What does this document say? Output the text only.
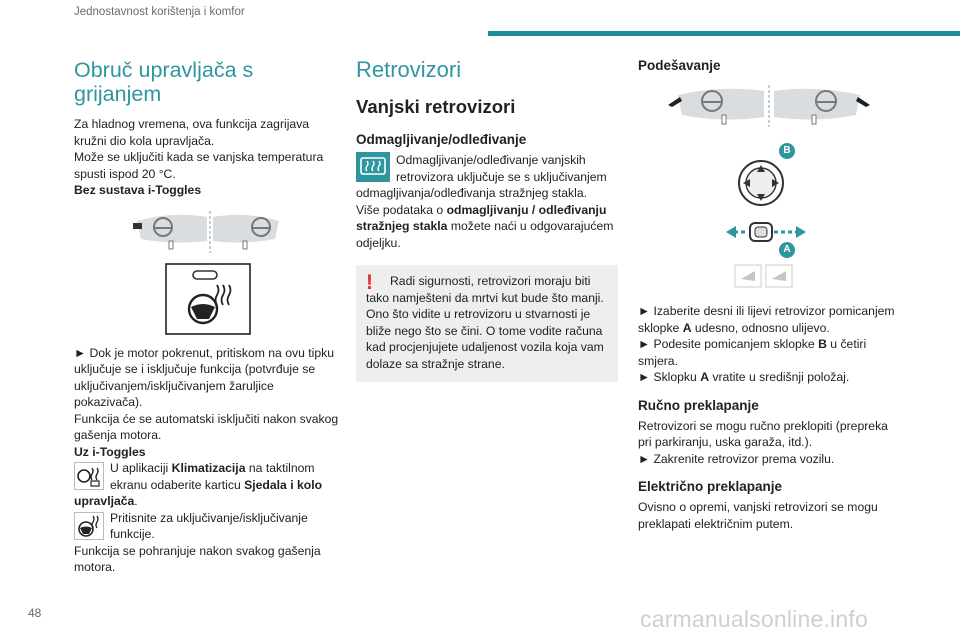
Jednostavnost korištenja i komfor
Obruč upravljača s grijanjem

Za hladnog vremena, ova funkcija zagrijava kružni dio kola upravljača.

Može se uključiti kada se vanjska temperatura spusti ispod 20 °C.

Bez sustava i-Toggles

► Dok je motor pokrenut, pritiskom na ovu tipku uključuje se i isključuje funkcija (potvrđuje se uključivanjem/isključivanjem žaruljice pokazivača).

Funkcija će se automatski isključiti nakon svakog gašenja motora.

Uz i-Toggles

U aplikaciji Klimatizacija na taktilnom ekranu odaberite karticu Sjedala i kolo upravljača.

Pritisnite za uključivanje/isključivanje funkcije.

Funkcija se pohranjuje nakon svakog gašenja motora.

Retrovizori
Vanjski retrovizori
Odmagljivanje/odleđivanje

Odmagljivanje/odleđivanje vanjskih retrovizora uključuje se s uključivanjem odmagljivanja/odleđivanja stražnjeg stakla.

Više podataka o odmagljivanju / odleđivanju stražnjeg stakla možete naći u odgovarajućem odjeljku.

!	Radi sigurnosti, retrovizori moraju biti tako namješteni da mrtvi kut bude što manji.

Ono što vidite u retrovizoru u stvarnosti je bliže nego što se čini. O tome vodite računa kad procjenjujete udaljenost vozila koja vam dolaze sa stražnje strane.

Podešavanje
B
A

► Izaberite desni ili lijevi retrovizor pomicanjem sklopke A udesno, odnosno ulijevo.

► Podesite pomicanjem sklopke B u četiri smjera.

► Sklopku A vratite u središnji položaj.

Ručno preklapanje

Retrovizori se mogu ručno preklopiti (prepreka pri parkiranju, uska garaža, itd.).

► Zakrenite retrovizor prema vozilu.

Električno preklapanje

Ovisno o opremi, vanjski retrovizori se mogu preklapati električnim putem.

48	carmanualsonline.info
